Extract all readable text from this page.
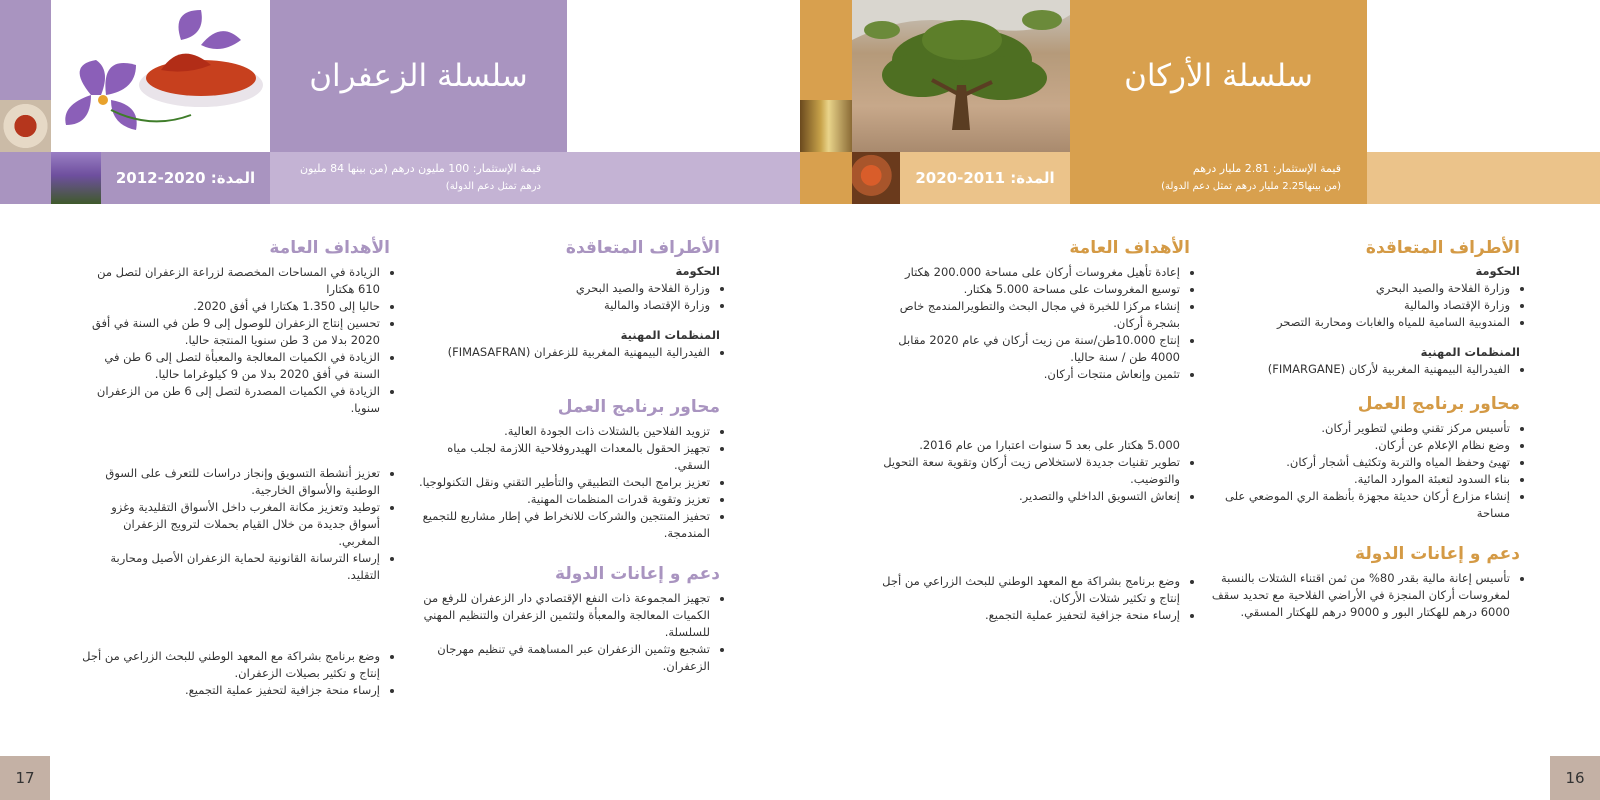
سلسلة الزعفران
المدة: 2020-2012
قيمة الإستثمار: 100 مليون درهم (من بينها 84 مليون
درهم تمثل دعم الدولة)
سلسلة الأركان
المدة: 2011-2020
قيمة الإستثمار: 2.81 مليار درهم
(من بينها2.25 مليار درهم تمثل دعم الدولة)
الأطراف المتعاقدة
الحكومة
• وزارة الفلاحة والصيد البحري
• وزارة الإقتصاد والمالية
المنظمات المهنية
• الفيدرالية البيمهنية المغربية للزعفران (FIMASAFRAN)
محاور برنامج العمل
• تزويد الفلاحين بالشتلات ذات الجودة العالية.
• تجهيز الحقول بالمعدات الهيدروفلاحية اللازمة لجلب مياه السقي.
• تعزيز برامج البحث التطبيقي والتأطير التقني ونقل التكنولوجيا.
• تعزيز وتقوية قدرات المنظمات المهنية.
• تحفيز المنتجين والشركات للانخراط في إطار مشاريع للتجميع المندمجة.
دعم و إعانات الدولة
• تجهيز المجموعة ذات النفع الإقتصادي دار الزعفران للرفع من الكميات المعالجة والمعبأة ولتثمين الزعفران والتنظيم المهني للسلسلة.
• تشجيع وتثمين الزعفران عبر المساهمة في تنظيم مهرجان الزعفران.
الأهداف العامة
• الزيادة في المساحات المخصصة لزراعة الزعفران لتصل من 610 هكتارا
• حاليا إلى 1.350 هكتارا في أفق 2020.
• تحسين إنتاج الزعفران للوصول إلى 9 طن في السنة في أفق 2020 بدلا من 3 طن سنويا المنتجة حاليا.
• الزيادة في الكميات المعالجة والمعبأة لتصل إلى 6 طن في السنة في أفق 2020 بدلا من 9 كيلوغراما حاليا.
• الزيادة في الكميات المصدرة لتصل إلى 6 طن من الزعفران سنويا.
• تعزيز أنشطة التسويق وإنجاز دراسات للتعرف على السوق الوطنية والأسواق الخارجية.
• توطيد وتعزيز مكانة المغرب داخل الأسواق التقليدية وغزو أسواق جديدة من خلال القيام بحملات لترويج الزعفران المغربي.
• إرساء الترسانة القانونية لحماية الزعفران الأصيل ومحاربة التقليد.
• وضع برنامج بشراكة مع المعهد الوطني للبحث الزراعي من أجل إنتاج و تكثير بصيلات الزعفران.
• إرساء منحة جزافية لتحفيز عملية التجميع.
الأطراف المتعاقدة
الحكومة
• وزارة الفلاحة والصيد البحري
• وزارة الإقتصاد والمالية
• المندوبية السامية للمياه والغابات ومحاربة التصحر
المنظمات المهنية
• الفيدرالية البيمهنية المغربية لأركان (FIMARGANE)
محاور برنامج العمل
• تأسيس مركز تقني وطني لتطوير أركان.
• وضع نظام الإعلام عن أركان.
• تهيئ وحفظ المياه والتربة وتكثيف أشجار أركان.
• بناء السدود لتعبئة الموارد المائية.
• إنشاء مزارع أركان حديثة مجهزة بأنظمة الري الموضعي على مساحة
دعم و إعانات الدولة
• تأسيس إعانة مالية بقدر 80% من ثمن اقتناء الشتلات بالنسبة لمغروسات أركان المنجزة في الأراضي الفلاحية مع تحديد سقف 6000 درهم للهكتار البور و 9000 درهم للهكتار المسقي.
الأهداف العامة
• إعادة تأهيل مغروسات أركان على مساحة 200.000 هكتار
• توسيع المغروسات على مساحة 5.000 هكتار.
• إنشاء مركزا للخبرة في مجال البحث والتطويرالمندمج خاص بشجرة أركان.
• إنتاج 10.000طن/سنة من زيت أركان في عام 2020 مقابل 4000 طن / سنة حاليا.
• تثمين وإنعاش منتجات أركان.
5.000 هكتار على بعد 5 سنوات اعتبارا من عام 2016.
• تطوير تقنيات جديدة لاستخلاص زيت أركان وتقوية سعة التحويل والتوضيب.
• إنعاش التسويق الداخلي والتصدير.
• وضع برنامج بشراكة مع المعهد الوطني للبحث الزراعي من أجل إنتاج و تكثير شتلات الأركان.
• إرساء منحة جزافية لتحفيز عملية التجميع.
17	16
